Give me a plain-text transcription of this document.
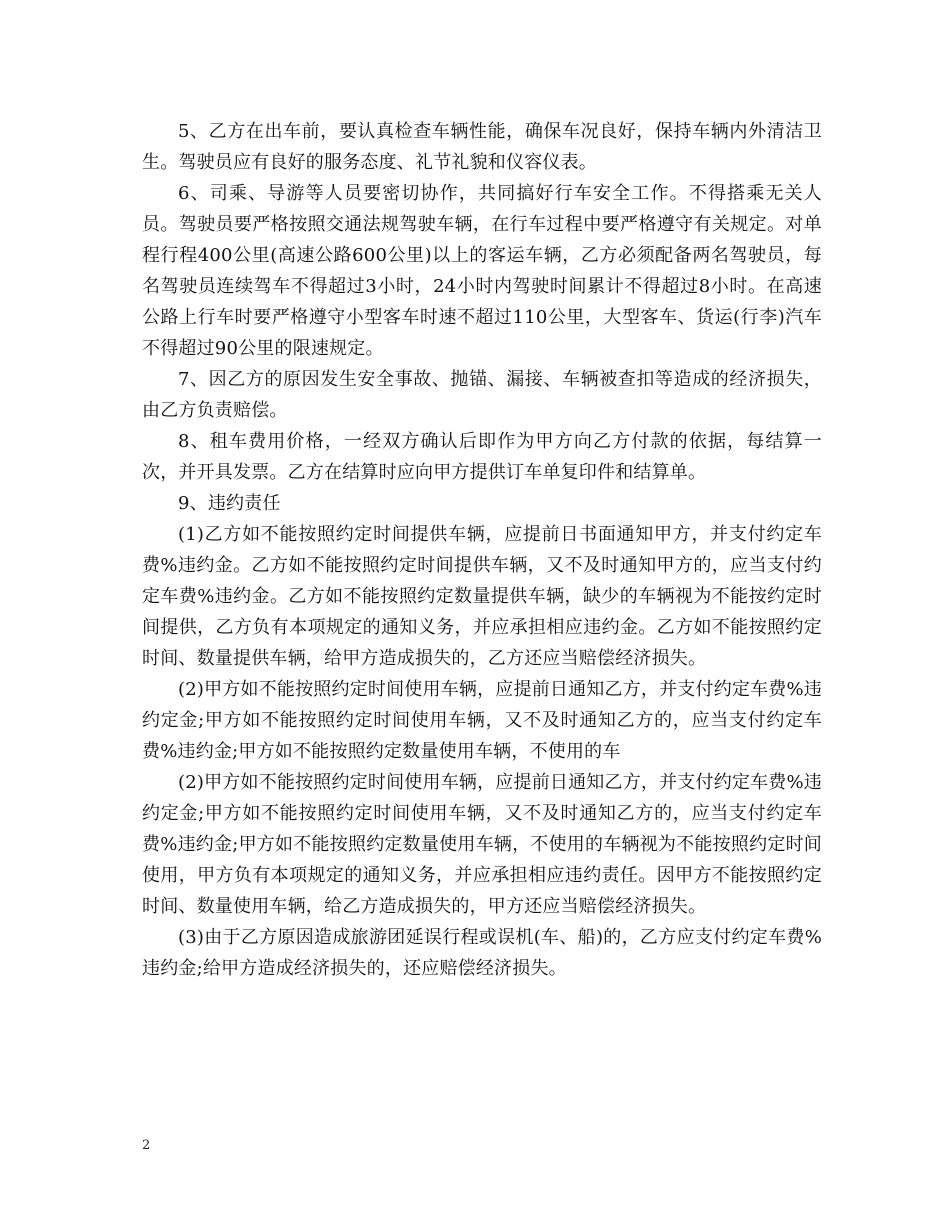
5、乙方在出车前，要认真检查车辆性能，确保车况良好，保持车辆内外清洁卫生。驾驶员应有良好的服务态度、礼节礼貌和仪容仪表。

6、司乘、导游等人员要密切协作，共同搞好行车安全工作。不得搭乘无关人员。驾驶员要严格按照交通法规驾驶车辆，在行车过程中要严格遵守有关规定。对单程行程400公里(高速公路600公里)以上的客运车辆，乙方必须配备两名驾驶员，每名驾驶员连续驾车不得超过3小时，24小时内驾驶时间累计不得超过8小时。在高速公路上行车时要严格遵守小型客车时速不超过110公里，大型客车、货运(行李)汽车不得超过90公里的限速规定。

7、因乙方的原因发生安全事故、抛锚、漏接、车辆被查扣等造成的经济损失，由乙方负责赔偿。

8、租车费用价格，一经双方确认后即作为甲方向乙方付款的依据，每结算一次，并开具发票。乙方在结算时应向甲方提供订车单复印件和结算单。

9、违约责任

(1)乙方如不能按照约定时间提供车辆，应提前日书面通知甲方，并支付约定车费%违约金。乙方如不能按照约定时间提供车辆，又不及时通知甲方的，应当支付约定车费%违约金。乙方如不能按照约定数量提供车辆，缺少的车辆视为不能按约定时间提供，乙方负有本项规定的通知义务，并应承担相应违约金。乙方如不能按照约定时间、数量提供车辆，给甲方造成损失的，乙方还应当赔偿经济损失。

(2)甲方如不能按照约定时间使用车辆，应提前日通知乙方，并支付约定车费%违约定金;甲方如不能按照约定时间使用车辆，又不及时通知乙方的，应当支付约定车费%违约金;甲方如不能按照约定数量使用车辆，不使用的车

(2)甲方如不能按照约定时间使用车辆，应提前日通知乙方，并支付约定车费%违约定金;甲方如不能按照约定时间使用车辆，又不及时通知乙方的，应当支付约定车费%违约金;甲方如不能按照约定数量使用车辆，不使用的车辆视为不能按照约定时间使用，甲方负有本项规定的通知义务，并应承担相应违约责任。因甲方不能按照约定时间、数量使用车辆，给乙方造成损失的，甲方还应当赔偿经济损失。

(3)由于乙方原因造成旅游团延误行程或误机(车、船)的，乙方应支付约定车费%违约金;给甲方造成经济损失的，还应赔偿经济损失。

2
